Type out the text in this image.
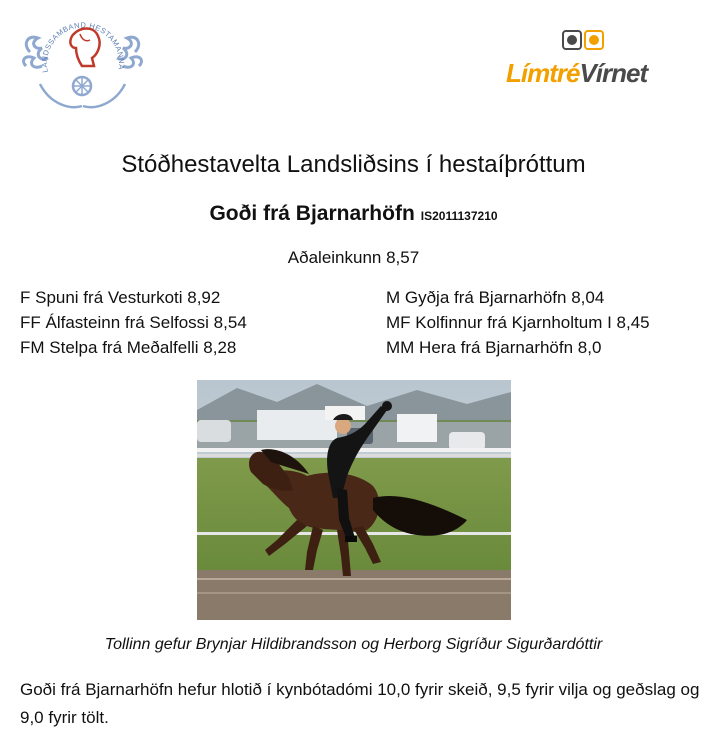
LANDSSAMBAND HESTAMANNA	LímtréVírnet
Stóðhestavelta Landsliðsins í hestaíþróttum
Goði frá Bjarnarhöfn IS2011137210
Aðaleinkunn 8,57
F Spuni frá Vesturkoti 8,92
FF Álfasteinn frá Selfossi 8,54
FM Stelpa frá Meðalfelli 8,28
M Gyðja frá Bjarnarhöfn 8,04
MF Kolfinnur frá Kjarnholtum I 8,45
MM Hera frá Bjarnarhöfn 8,0
Tollinn gefur Brynjar Hildibrandsson og Herborg Sigríður Sigurðardóttir
Goði frá Bjarnarhöfn hefur hlotið í kynbótadómi 10,0 fyrir skeið, 9,5 fyrir vilja og geðslag og 9,0 fyrir tölt.
